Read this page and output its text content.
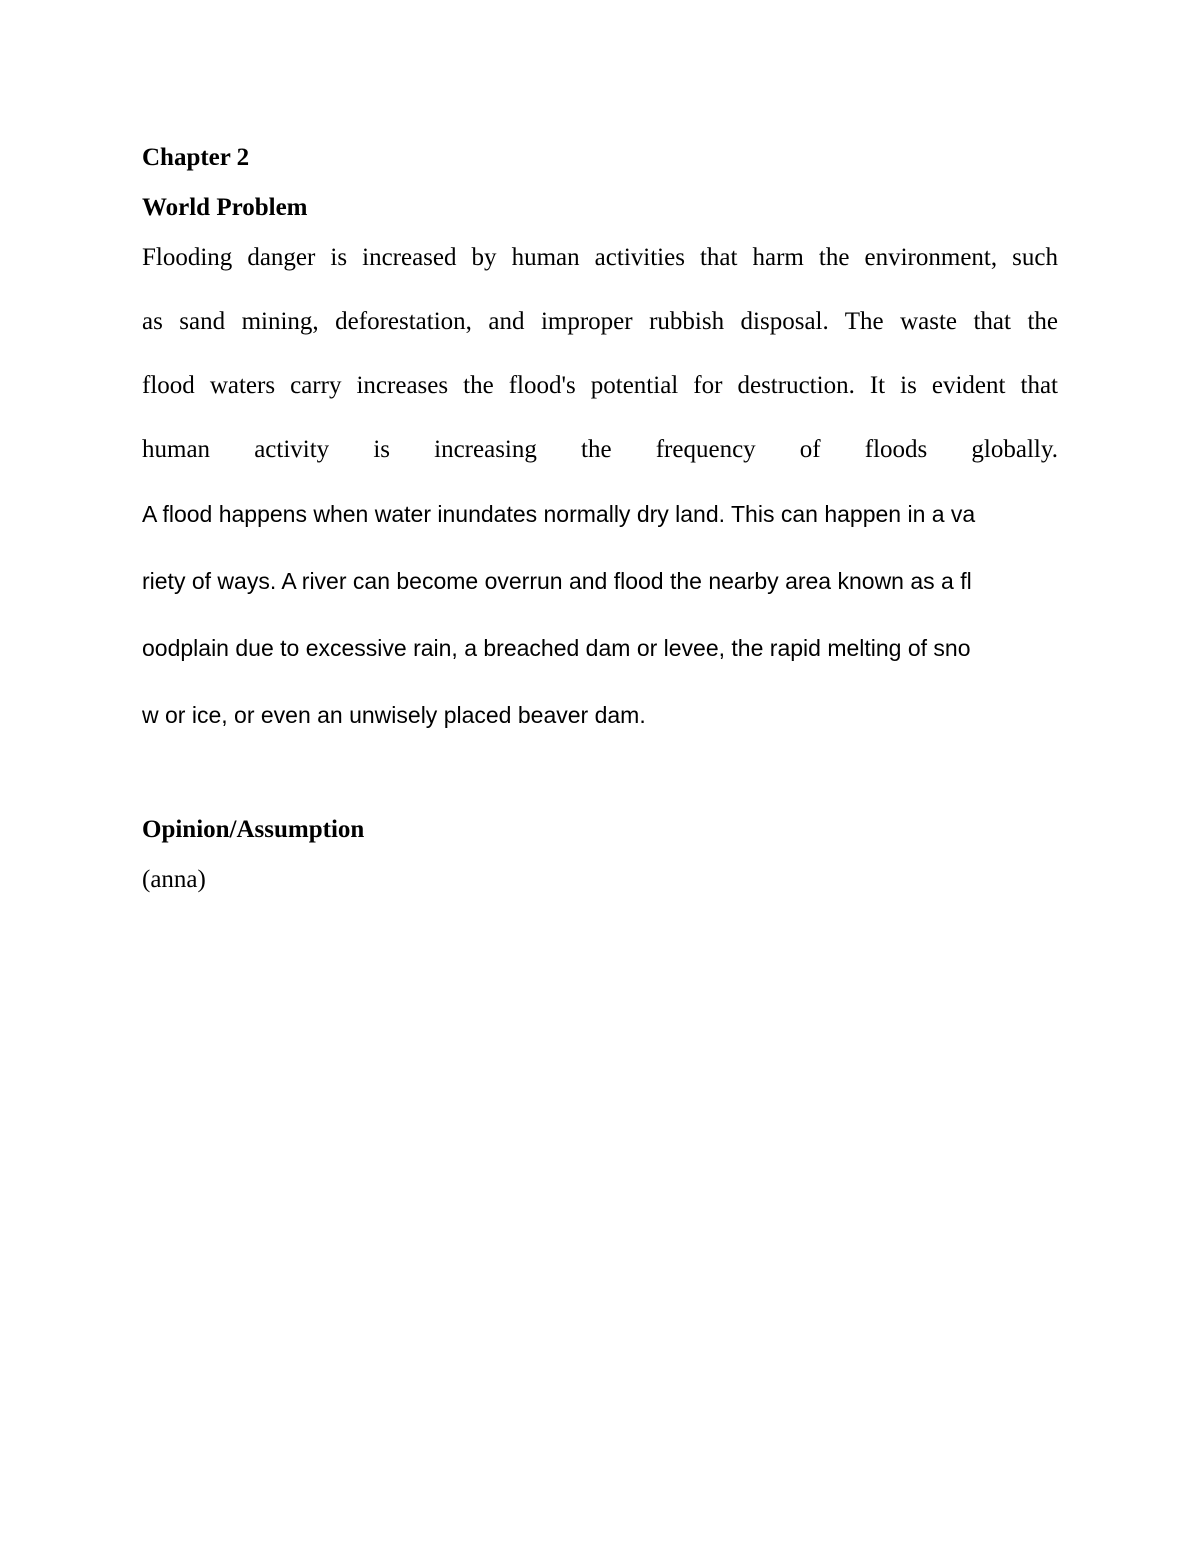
Chapter 2
World Problem

Flooding danger is increased by human activities that harm the environment, such

as sand mining, deforestation, and improper rubbish disposal. The waste that the

flood waters carry increases the flood's potential for destruction. It is evident that

human activity is increasing the frequency of floods globally.

A flood happens when water inundates normally dry land. This can happen in a va

riety of ways. A river can become overrun and flood the nearby area known as a fl

oodplain due to excessive rain, a breached dam or levee, the rapid melting of sno

w or ice, or even an unwisely placed beaver dam.

Opinion/Assumption

(anna)
